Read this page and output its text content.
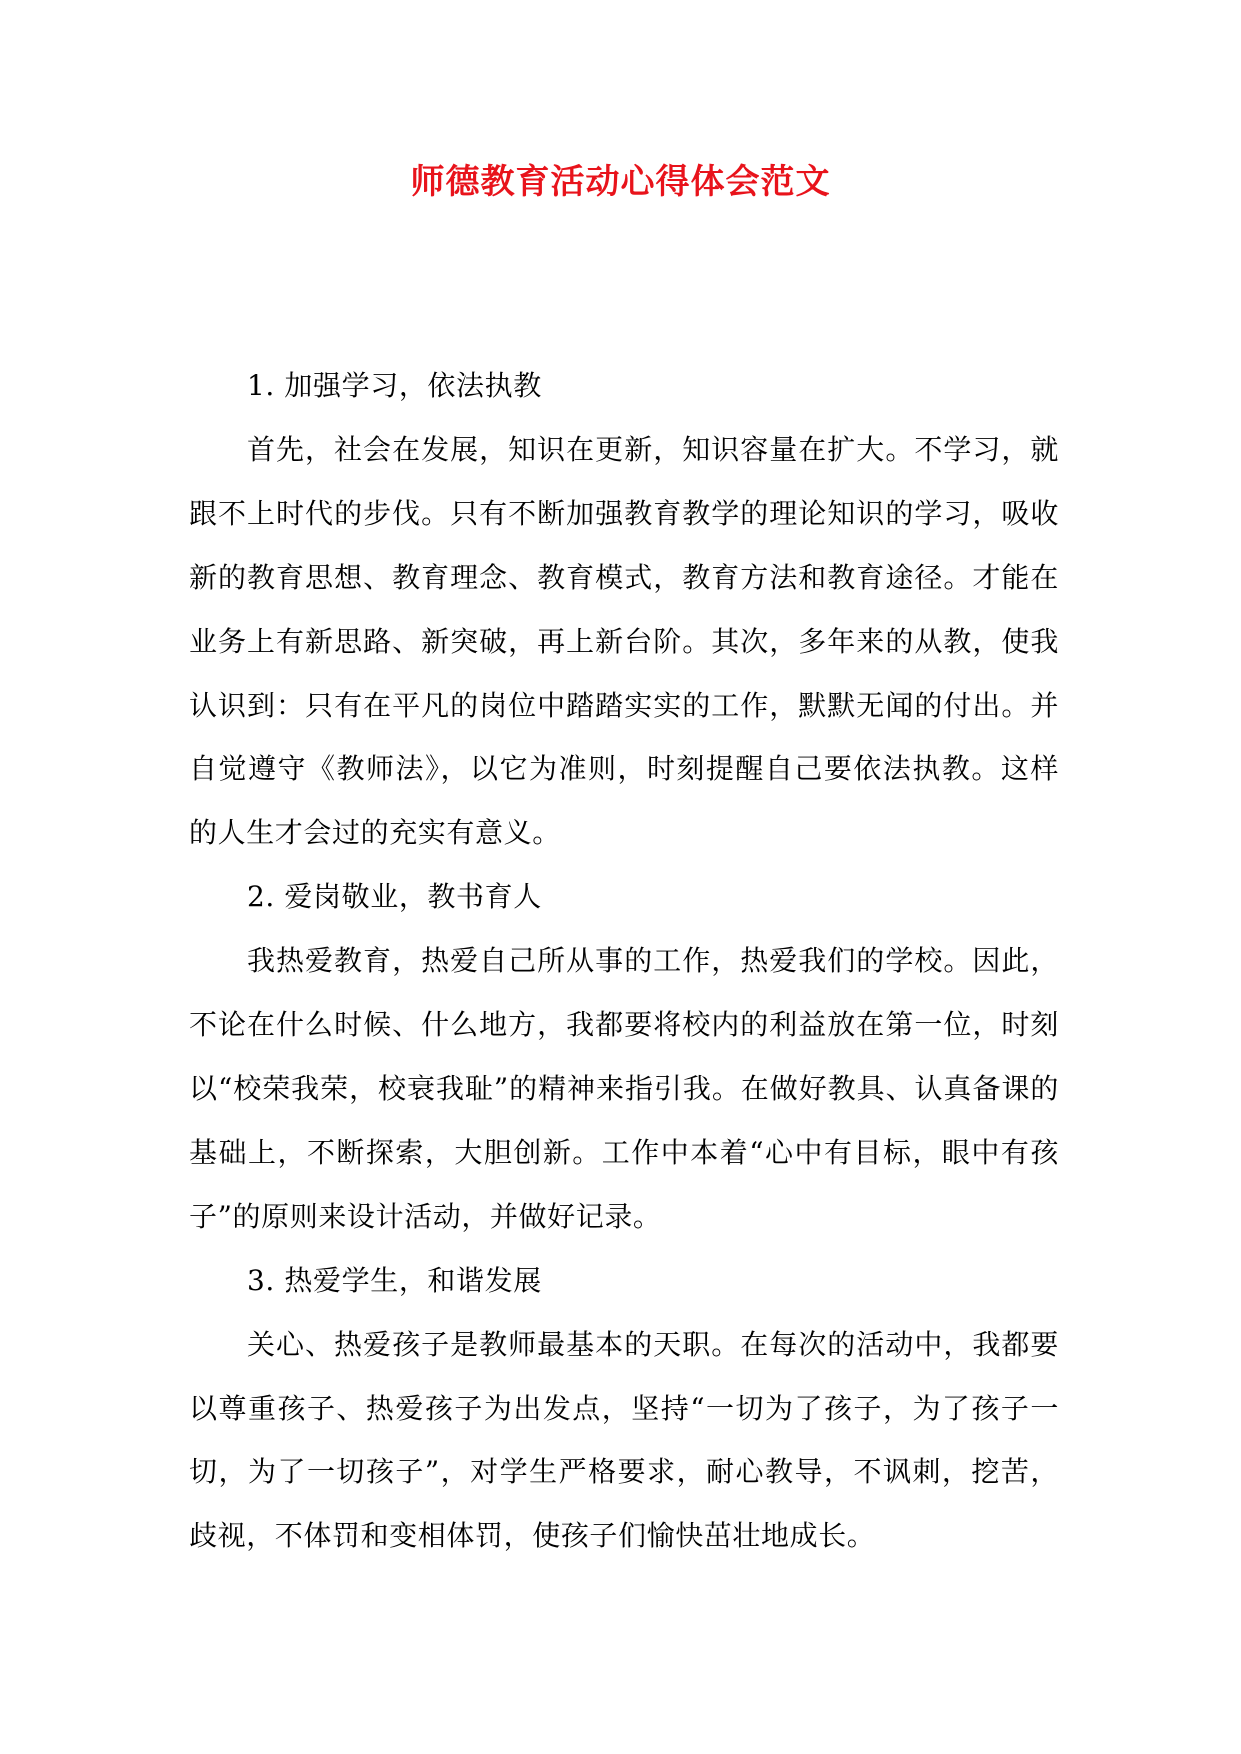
师德教育活动心得体会范文

1. 加强学习，依法执教

首先，社会在发展，知识在更新，知识容量在扩大。不学习，就跟不上时代的步伐。只有不断加强教育教学的理论知识的学习，吸收新的教育思想、教育理念、教育模式，教育方法和教育途径。才能在业务上有新思路、新突破，再上新台阶。其次，多年来的从教，使我认识到：只有在平凡的岗位中踏踏实实的工作，默默无闻的付出。并自觉遵守《教师法》，以它为准则，时刻提醒自己要依法执教。这样的人生才会过的充实有意义。

2. 爱岗敬业，教书育人

我热爱教育，热爱自己所从事的工作，热爱我们的学校。因此，不论在什么时候、什么地方，我都要将校内的利益放在第一位，时刻以“校荣我荣，校衰我耻”的精神来指引我。在做好教具、认真备课的基础上，不断探索，大胆创新。工作中本着“心中有目标，眼中有孩子”的原则来设计活动，并做好记录。

3. 热爱学生，和谐发展

关心、热爱孩子是教师最基本的天职。在每次的活动中，我都要以尊重孩子、热爱孩子为出发点，坚持“一切为了孩子，为了孩子一切，为了一切孩子”，对学生严格要求，耐心教导，不讽刺，挖苦，歧视，不体罚和变相体罚，使孩子们愉快茁壮地成长。
